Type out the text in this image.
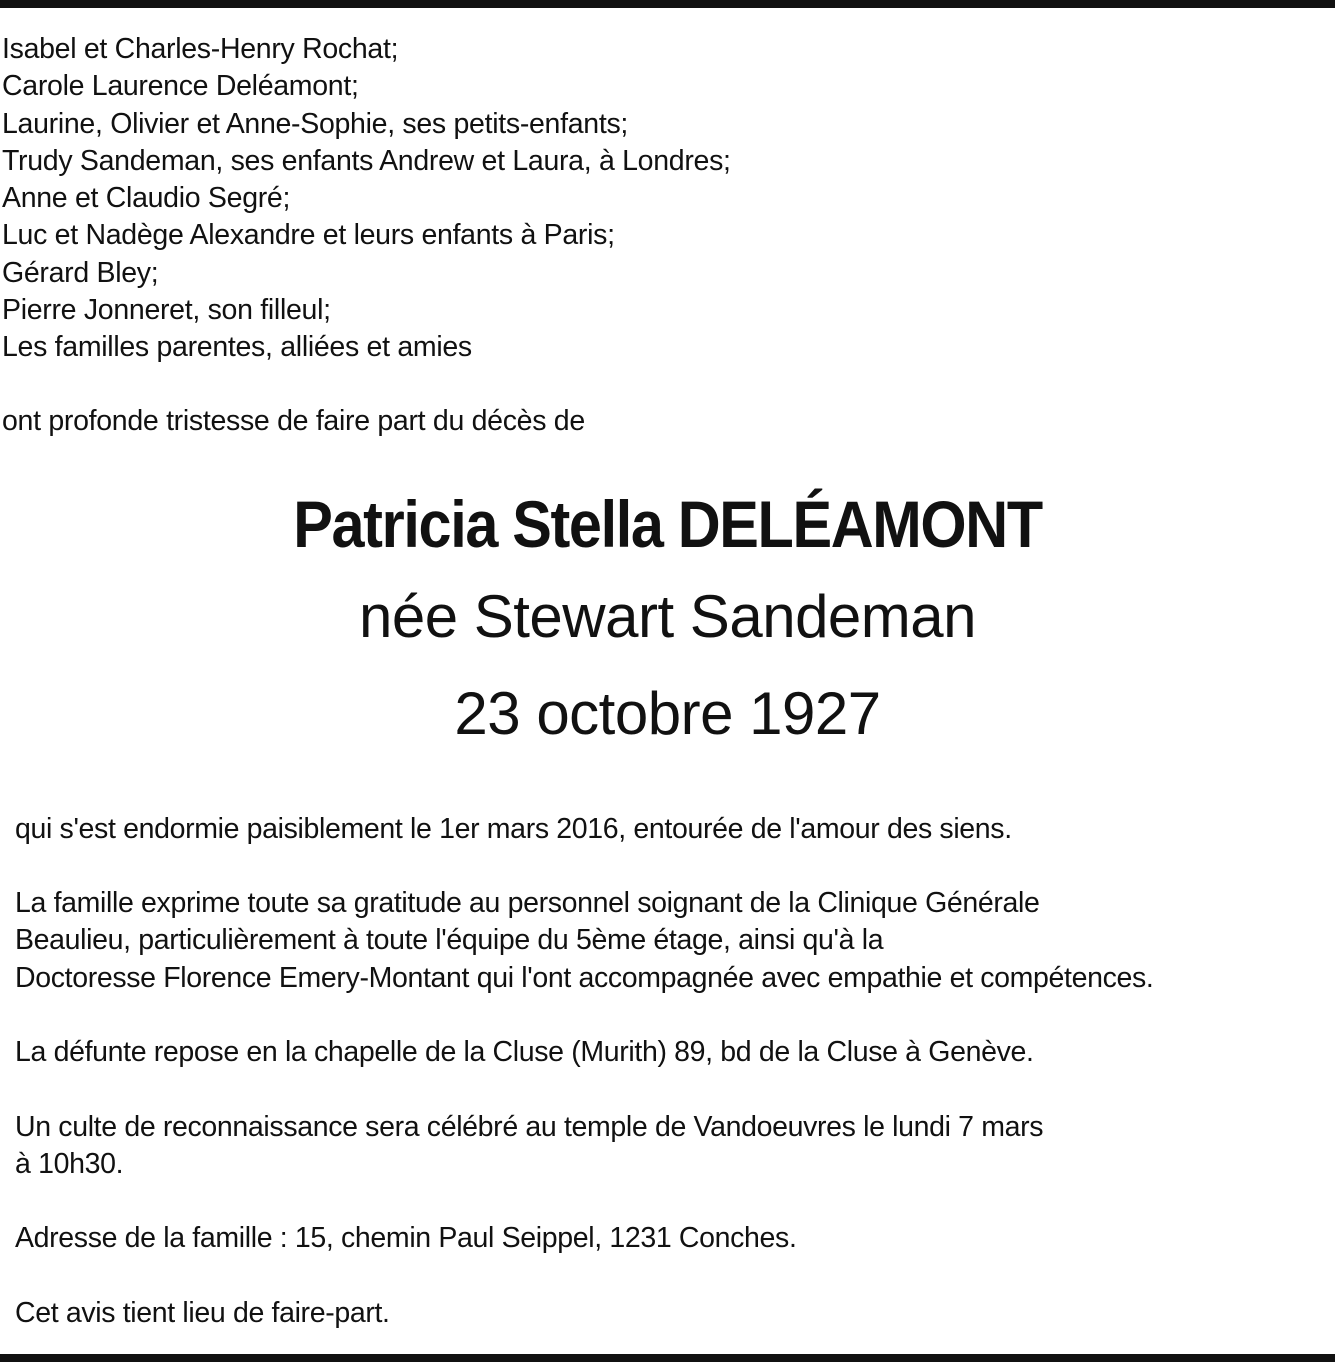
Isabel et Charles-Henry Rochat;
Carole Laurence Deléamont;
Laurine, Olivier et Anne-Sophie, ses petits-enfants;
Trudy Sandeman, ses enfants Andrew et Laura, à Londres;
Anne et Claudio Segré;
Luc et Nadège Alexandre et leurs enfants à Paris;
Gérard Bley;
Pierre Jonneret, son filleul;
Les familles parentes, alliées et amies
ont profonde tristesse de faire part du décès de
Patricia Stella DELÉAMONT
née Stewart Sandeman
23 octobre 1927
qui s'est endormie paisiblement le 1er mars 2016, entourée de l'amour des siens.
La famille exprime toute sa gratitude au personnel soignant de la Clinique Générale
Beaulieu, particulièrement à toute l'équipe du 5ème étage, ainsi qu'à la
Doctoresse Florence Emery-Montant qui l'ont accompagnée avec empathie et compétences.
La défunte repose en la chapelle de la Cluse (Murith) 89, bd de la Cluse à Genève.
Un culte de reconnaissance sera célébré au temple de Vandoeuvres le lundi 7 mars
à 10h30.
Adresse de la famille : 15, chemin Paul Seippel, 1231 Conches.
Cet avis tient lieu de faire-part.
